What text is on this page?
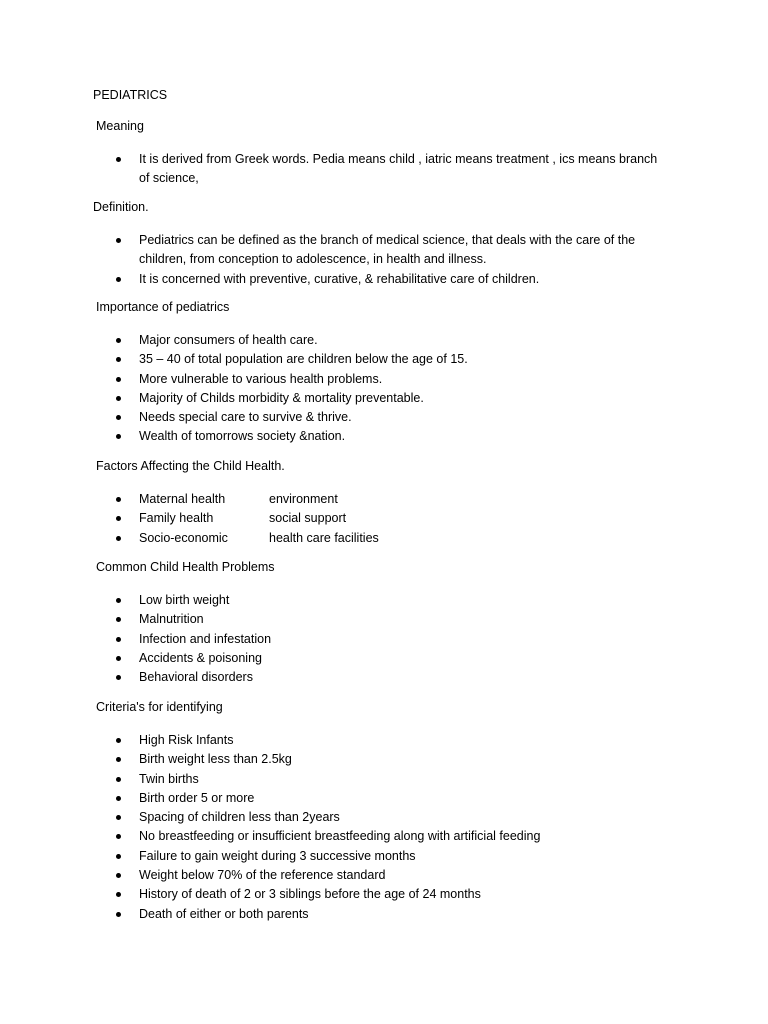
PEDIATRICS
Meaning
It is derived from Greek words. Pedia means child , iatric means treatment , ics means branch of science,
Definition.
Pediatrics can be defined as the branch of medical science, that deals with the care of the children, from conception to adolescence, in health and illness.
It is concerned with preventive, curative, & rehabilitative care of children.
Importance of pediatrics
Major consumers of health care.
35 – 40 of total population are children below the age of 15.
More vulnerable to various health problems.
Majority of Childs morbidity & mortality preventable.
Needs special care to survive & thrive.
Wealth of tomorrows society &nation.
Factors Affecting the Child Health.
Maternal health	environment
Family health	social support
Socio-economic	health care facilities
Common Child Health Problems
Low birth weight
Malnutrition
Infection and infestation
Accidents & poisoning
Behavioral disorders
Criteria's for identifying
High Risk Infants
Birth weight less than 2.5kg
Twin births
Birth order 5 or more
Spacing of children less than 2years
No breastfeeding or insufficient breastfeeding along with artificial feeding
Failure to gain weight during 3 successive months
Weight below 70% of the reference standard
History of death of 2 or 3 siblings before the age of 24 months
Death of either or both parents
